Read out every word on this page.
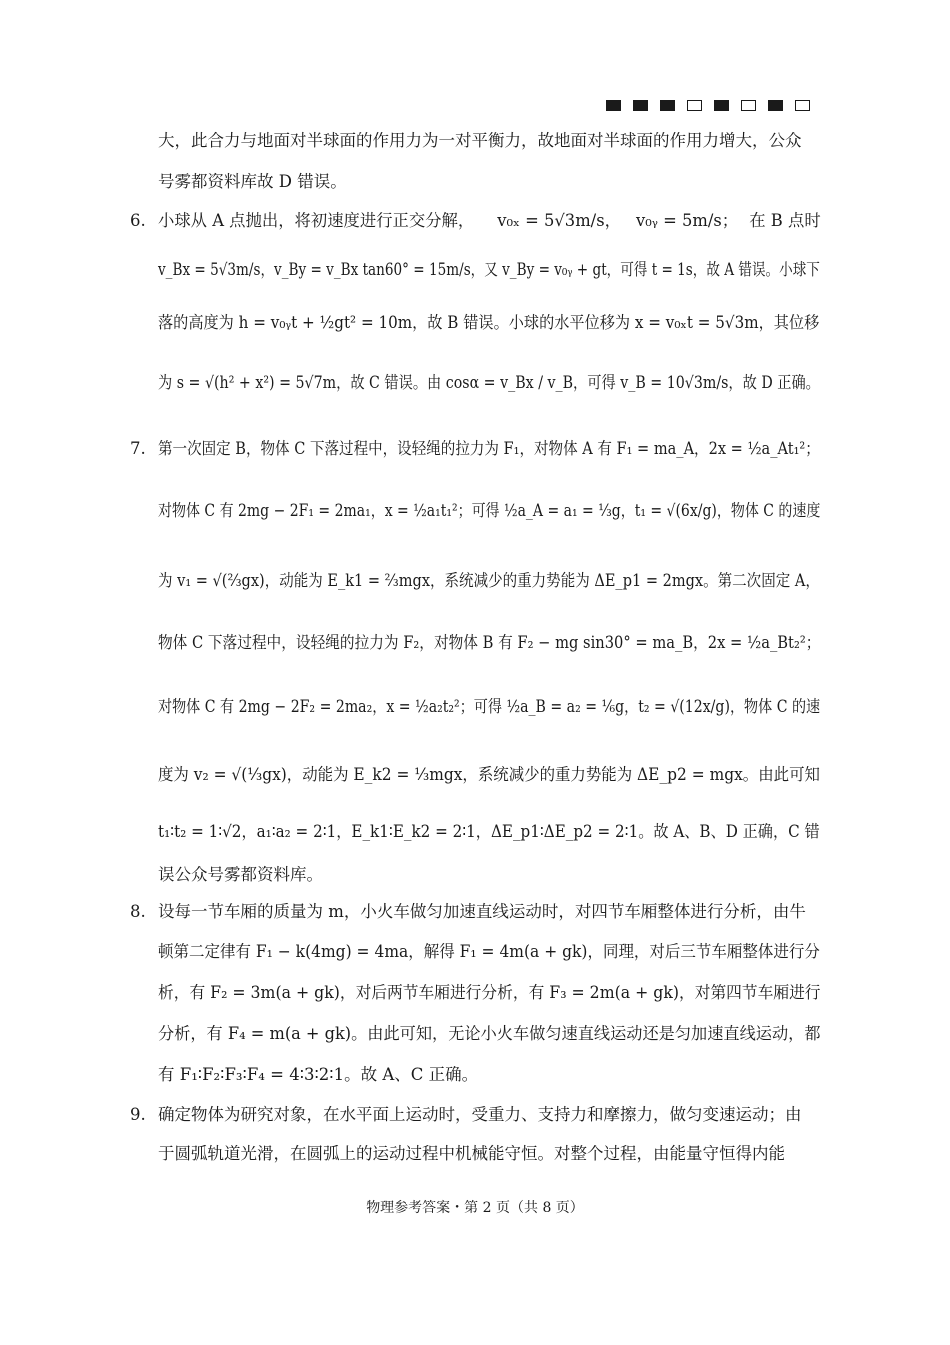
大，此合力与地面对半球面的作用力为一对平衡力，故地面对半球面的作用力增大，公众
号雾都资料库故 D 错误。
6. 小球从 A 点抛出，将初速度进行正交分解， v₀ₓ = 5√3m/s， v₀ᵧ = 5m/s； 在 B 点时
v_Bx = 5√3m/s，v_By = v_Bx tan60° = 15m/s，又 v_By = v₀ᵧ + gt，可得 t = 1s，故 A 错误。小球下
落的高度为 h = v₀ᵧt + ½gt² = 10m，故 B 错误。小球的水平位移为 x = v₀ₓt = 5√3m，其位移
为 s = √(h² + x²) = 5√7m，故 C 错误。由 cosα = v_Bx / v_B，可得 v_B = 10√3m/s，故 D 正确。
7. 第一次固定 B，物体 C 下落过程中，设轻绳的拉力为 F₁，对物体 A 有 F₁ = ma_A，2x = ½a_At₁²；
对物体 C 有 2mg − 2F₁ = 2ma₁，x = ½a₁t₁²；可得 ½a_A = a₁ = ⅓g，t₁ = √(6x/g)，物体 C 的速度
为 v₁ = √(⅔gx)，动能为 E_k1 = ⅔mgx，系统减少的重力势能为 ΔE_p1 = 2mgx。第二次固定 A，
物体 C 下落过程中，设轻绳的拉力为 F₂，对物体 B 有 F₂ − mg sin30° = ma_B，2x = ½a_Bt₂²；
对物体 C 有 2mg − 2F₂ = 2ma₂，x = ½a₂t₂²；可得 ½a_B = a₂ = ⅙g，t₂ = √(12x/g)，物体 C 的速
度为 v₂ = √(⅓gx)，动能为 E_k2 = ⅓mgx，系统减少的重力势能为 ΔE_p2 = mgx。由此可知
t₁∶t₂ = 1∶√2，a₁∶a₂ = 2∶1，E_k1∶E_k2 = 2∶1，ΔE_p1∶ΔE_p2 = 2∶1。故 A、B、D 正确，C 错
误公众号雾都资料库。
8. 设每一节车厢的质量为 m，小火车做匀加速直线运动时，对四节车厢整体进行分析，由牛
顿第二定律有 F₁ − k(4mg) = 4ma，解得 F₁ = 4m(a + gk)，同理，对后三节车厢整体进行分
析，有 F₂ = 3m(a + gk)，对后两节车厢进行分析，有 F₃ = 2m(a + gk)，对第四节车厢进行
分析，有 F₄ = m(a + gk)。由此可知，无论小火车做匀速直线运动还是匀加速直线运动，都
有 F₁∶F₂∶F₃∶F₄ = 4∶3∶2∶1。故 A、C 正确。
9. 确定物体为研究对象，在水平面上运动时，受重力、支持力和摩擦力，做匀变速运动；由
于圆弧轨道光滑，在圆弧上的运动过程中机械能守恒。对整个过程，由能量守恒得内能
物理参考答案・第 2 页（共 8 页）
